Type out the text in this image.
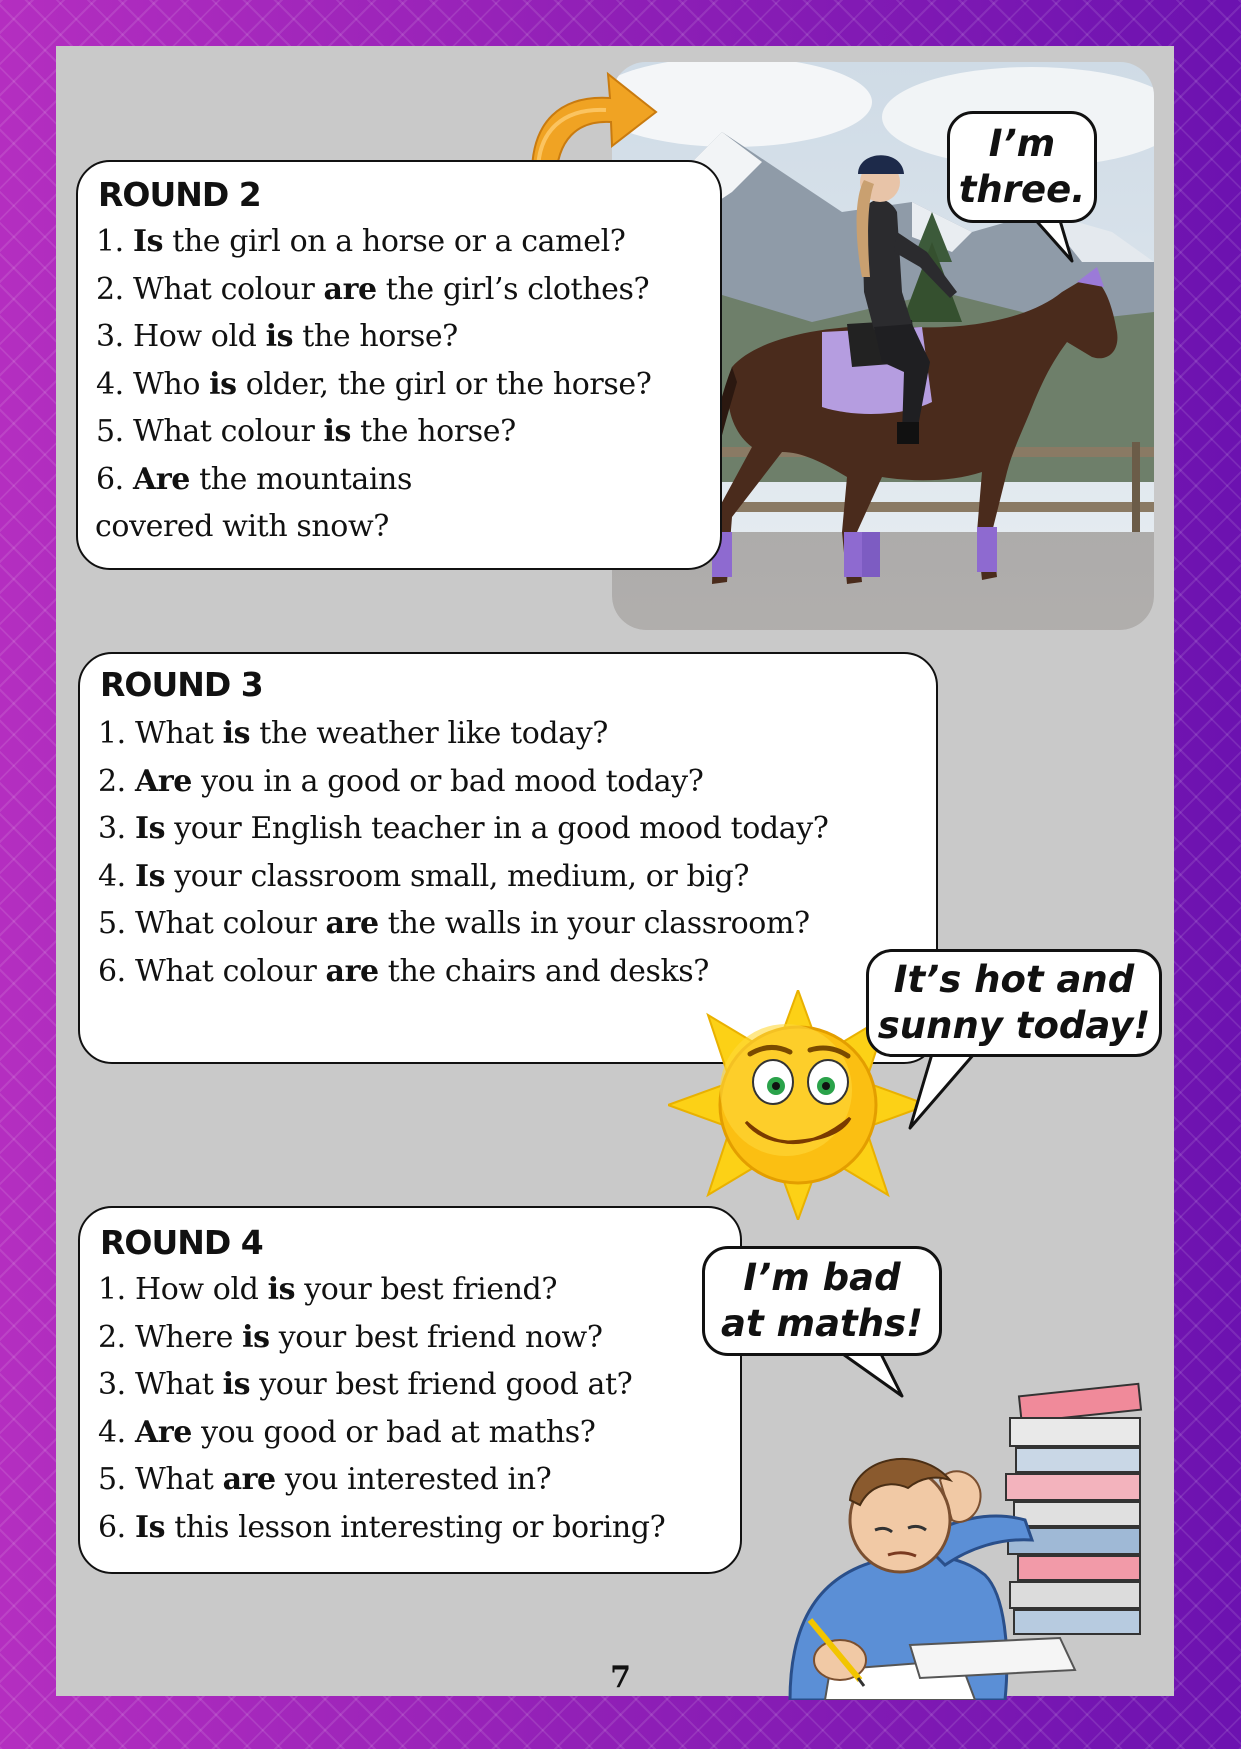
ROUND 2
1. Is the girl on a horse or a camel?
2. What colour are the girl’s clothes?
3. How old is the horse?
4. Who is older, the girl or the horse?
5. What colour is the horse?
6. Are the mountains
covered with snow?
I’m
three.
ROUND 3
1. What is the weather like today?
2. Are you in a good or bad mood today?
3. Is your English teacher in a good mood today?
4. Is your classroom small, medium, or big?
5. What colour are the walls in your classroom?
6. What colour are the chairs and desks?	It’s hot and
sunny today!
ROUND 4
1. How old is your best friend?
2. Where is your best friend now?
3. What is your best friend good at?
4. Are you good or bad at maths?
5. What are you interested in?
6. Is this lesson interesting or boring?
I’m bad
at maths!
7
